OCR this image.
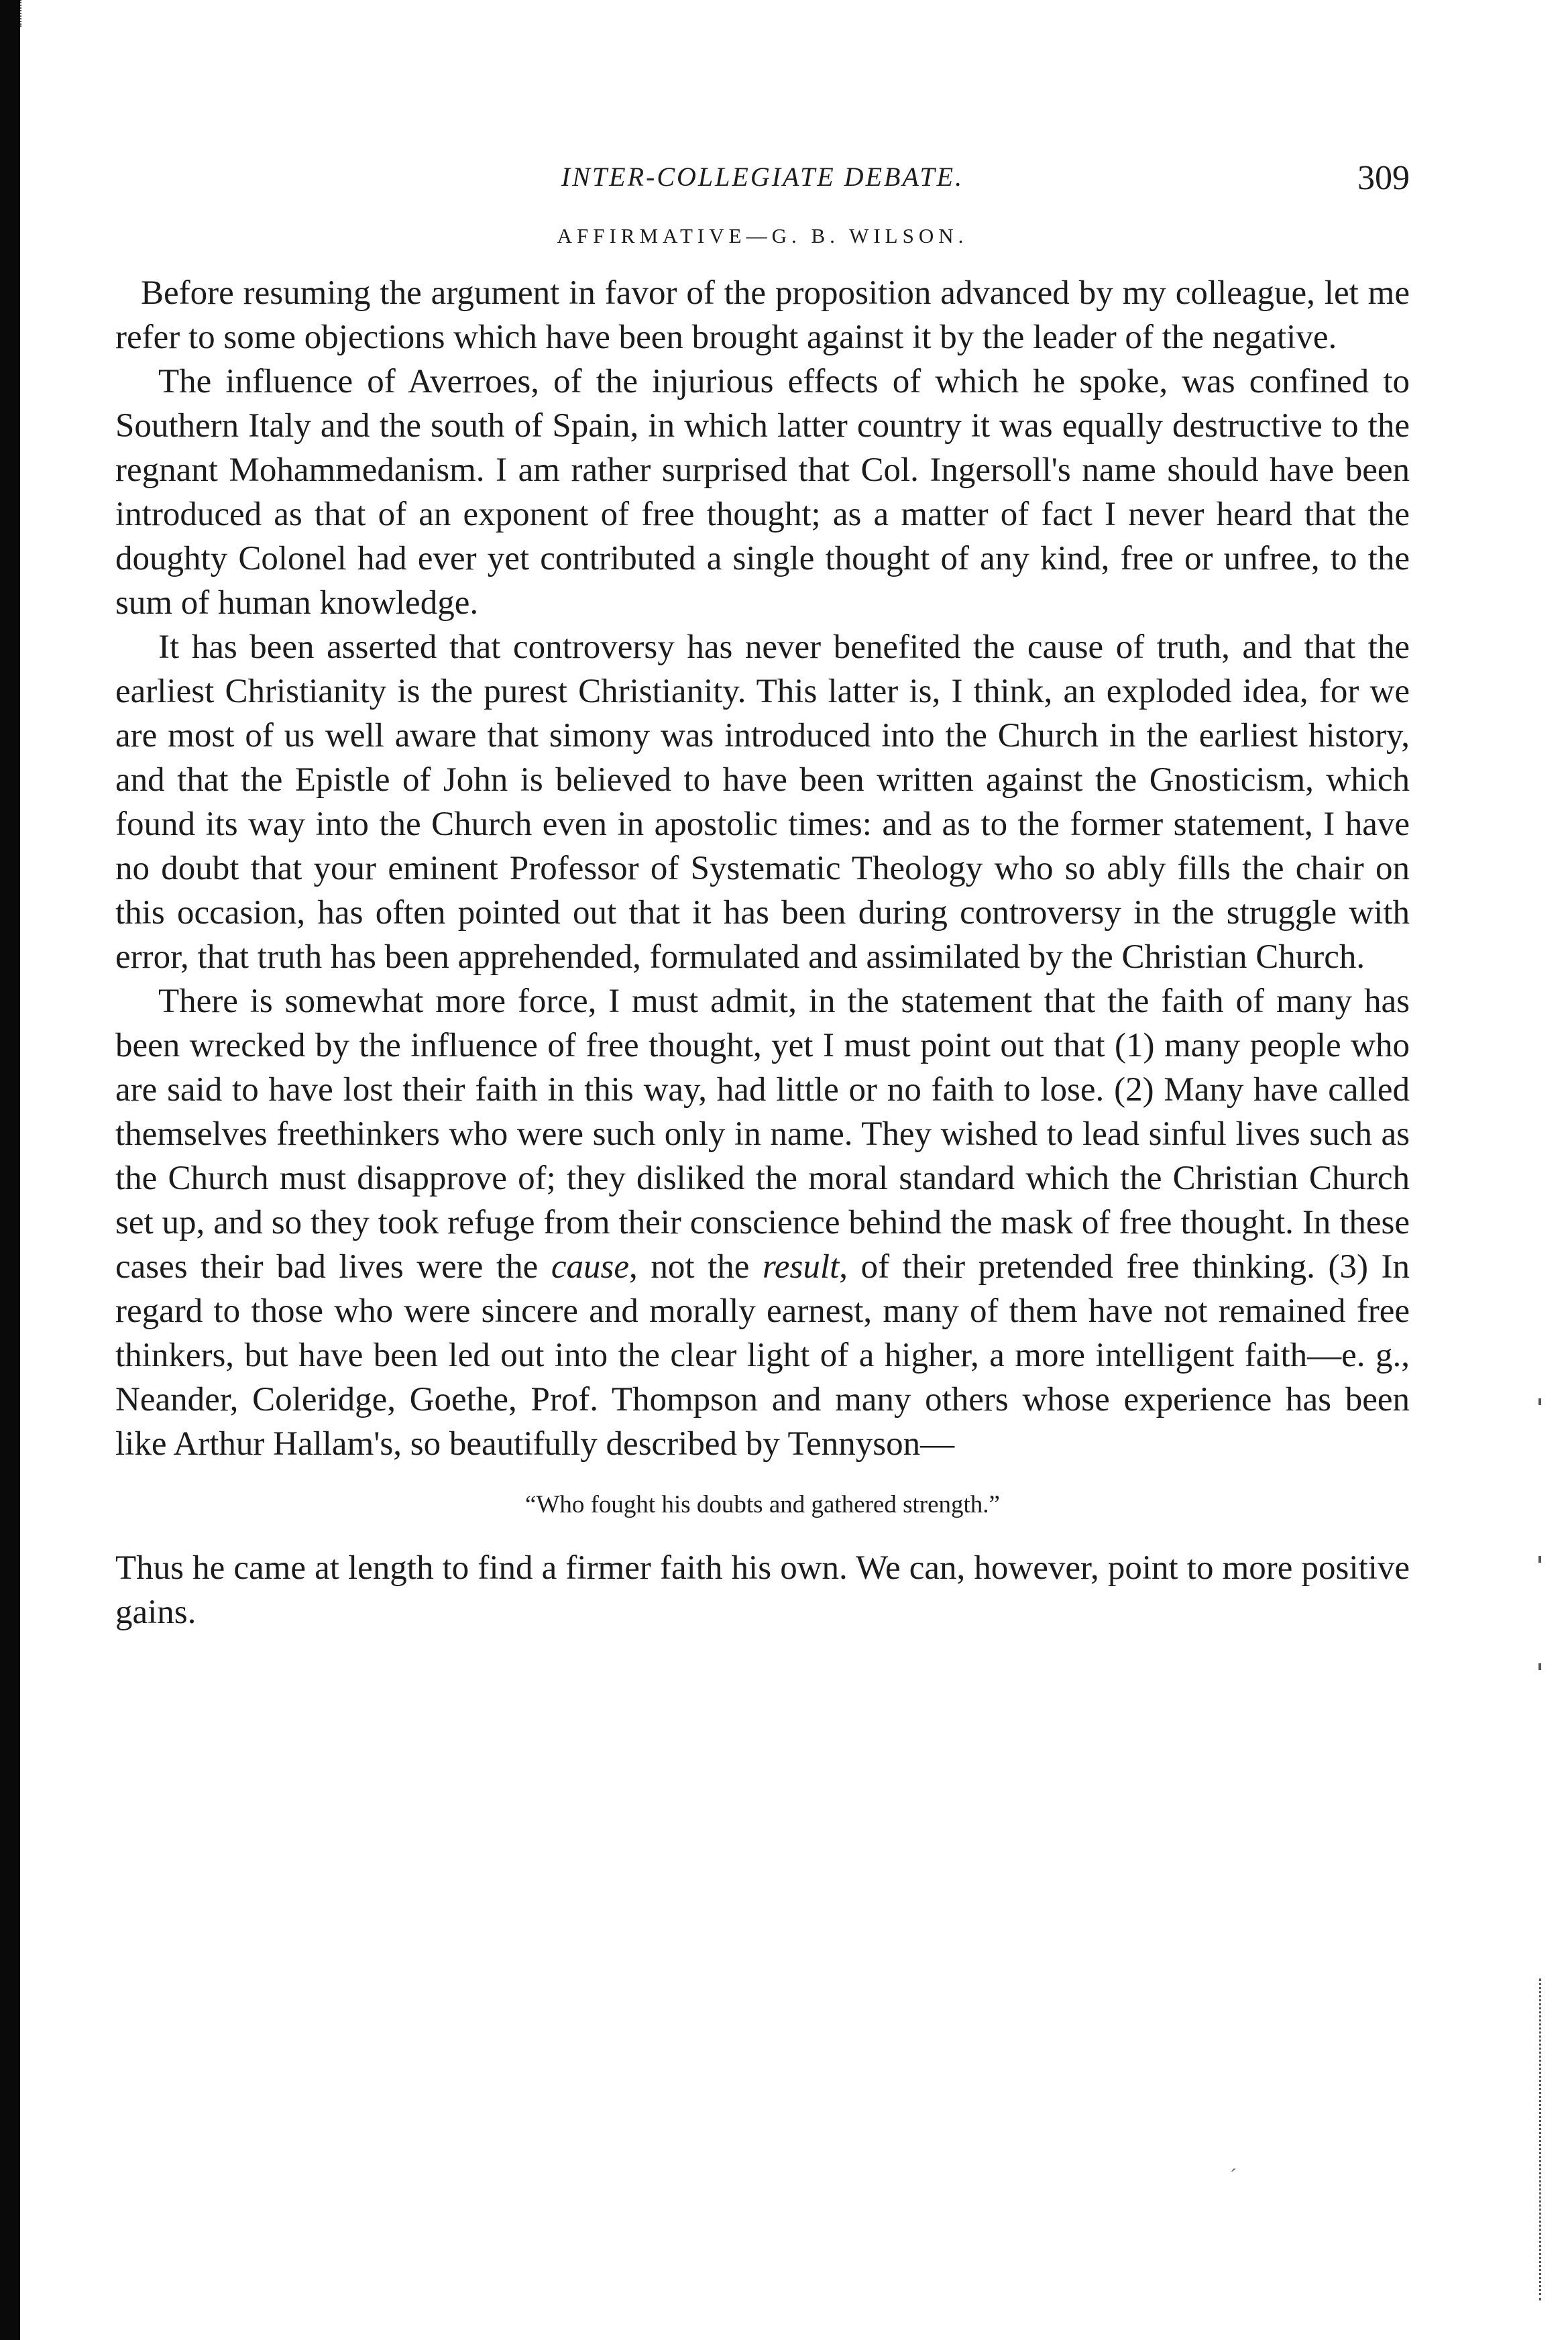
INTER-COLLEGIATE DEBATE.	309
AFFIRMATIVE—G. B. WILSON.

Before resuming the argument in favor of the proposition advanced by my colleague, let me refer to some objections which have been brought against it by the leader of the negative.

The influence of Averroes, of the injurious effects of which he spoke, was confined to Southern Italy and the south of Spain, in which latter country it was equally destructive to the regnant Mohammedanism. I am rather surprised that Col. Ingersoll's name should have been introduced as that of an exponent of free thought; as a matter of fact I never heard that the doughty Colonel had ever yet contributed a single thought of any kind, free or unfree, to the sum of human knowledge.

It has been asserted that controversy has never benefited the cause of truth, and that the earliest Christianity is the purest Christianity. This latter is, I think, an exploded idea, for we are most of us well aware that simony was introduced into the Church in the earliest history, and that the Epistle of John is believed to have been written against the Gnosticism, which found its way into the Church even in apostolic times: and as to the former statement, I have no doubt that your eminent Professor of Systematic Theology who so ably fills the chair on this occasion, has often pointed out that it has been during controversy in the struggle with error, that truth has been apprehended, formulated and assimilated by the Christian Church.

There is somewhat more force, I must admit, in the statement that the faith of many has been wrecked by the influence of free thought, yet I must point out that (1) many people who are said to have lost their faith in this way, had little or no faith to lose. (2) Many have called themselves freethinkers who were such only in name. They wished to lead sinful lives such as the Church must disapprove of; they disliked the moral standard which the Christian Church set up, and so they took refuge from their conscience behind the mask of free thought. In these cases their bad lives were the cause, not the result, of their pretended free thinking. (3) In regard to those who were sincere and morally earnest, many of them have not remained free thinkers, but have been led out into the clear light of a higher, a more intelligent faith—e. g., Neander, Coleridge, Goethe, Prof. Thompson and many others whose experience has been like Arthur Hallam's, so beautifully described by Tennyson—

“Who fought his doubts and gathered strength.”

Thus he came at length to find a firmer faith his own. We can, however, point to more positive gains.

ˊ
